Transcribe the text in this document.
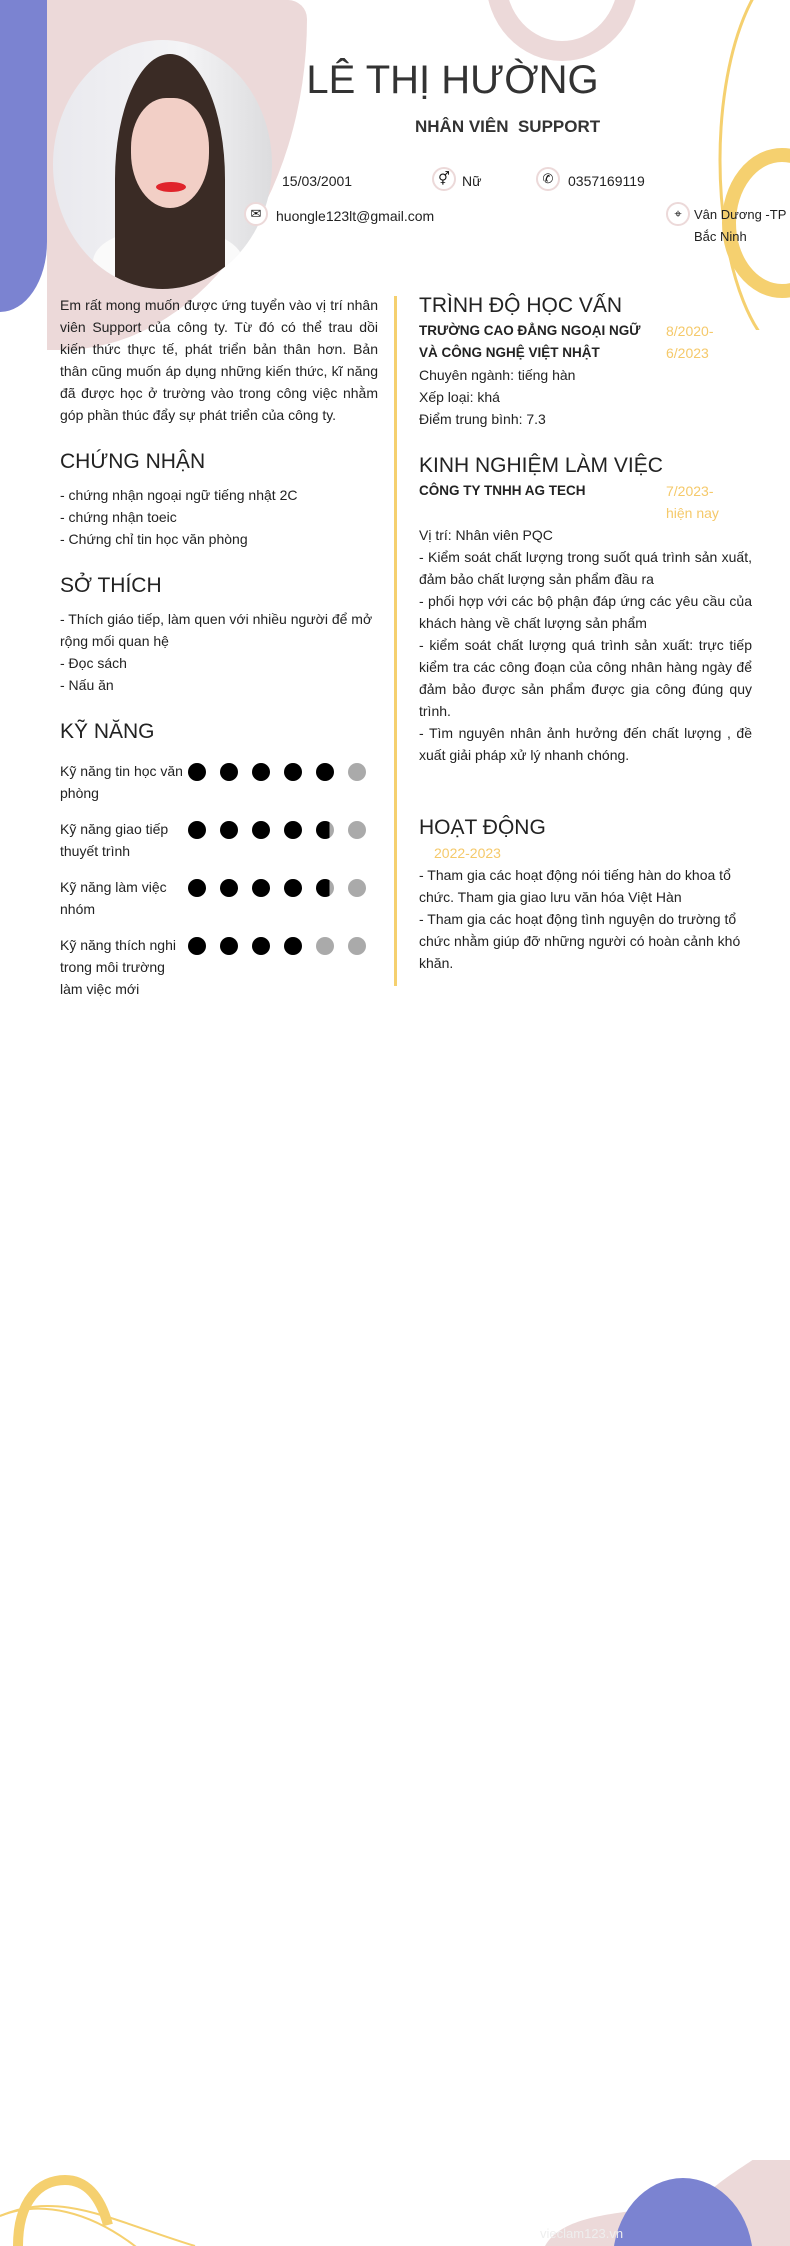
LÊ THỊ HƯỜNG
NHÂN VIÊN  SUPPORT
15/03/2001	⚥ Nữ	✆	0357169119
✉	huongle123lt@gmail.com	⌖ Vân Dương -TP
Bắc Ninh

Em rất mong muốn được ứng tuyển vào vị trí nhân viên Support của công ty. Từ đó có thể trau dồi kiến thức thực tế, phát triển bản thân hơn. Bản thân cũng muốn áp dụng những kiến thức, kĩ năng đã được học ở trường vào trong công việc nhằm góp phần thúc đẩy sự phát triển của công ty.

CHỨNG NHẬN
- chứng nhận ngoại ngữ tiếng nhật 2C
- chứng nhận toeic
- Chứng chỉ tin học văn phòng
SỞ THÍCH
- Thích giáo tiếp, làm quen với nhiều người để mở rộng mối quan hệ
- Đọc sách
- Nấu ăn
KỸ NĂNG
Kỹ năng tin học văn phòng
Kỹ năng giao tiếp thuyết trình
Kỹ năng làm việc nhóm
Kỹ năng thích nghi trong môi trường làm việc mới
TRÌNH ĐỘ HỌC VẤN
TRƯỜNG CAO ĐẲNG NGOẠI NGỮ VÀ CÔNG NGHỆ VIỆT NHẬT
8/2020-6/2023
Chuyên ngành: tiếng hàn
Xếp loại: khá
Điểm trung bình: 7.3
KINH NGHIỆM LÀM VIỆC
CÔNG TY TNHH AG TECH	7/2023-hiện nay
Vị trí: Nhân viên PQC
- Kiểm soát chất lượng trong suốt quá trình sản xuất, đảm bảo chất lượng sản phẩm đầu ra
- phối hợp với các bộ phận đáp ứng các yêu cầu của khách hàng về chất lượng sản phẩm
- kiểm soát chất lượng quá trình sản xuất: trực tiếp kiểm tra các công đoạn của công nhân hàng ngày để đảm bảo được sản phẩm được gia công đúng quy trình.
- Tìm nguyên nhân ảnh hưởng đến chất lượng , đề xuất giải pháp xử lý nhanh chóng.
HOẠT ĐỘNG
2022-2023
- Tham gia các hoạt động nói tiếng hàn do khoa tổ chức. Tham gia giao lưu văn hóa Việt Hàn
- Tham gia các hoạt động tình nguyện do trường tổ chức nhằm giúp đỡ những người có hoàn cảnh khó khăn.
vieclam123.vn
